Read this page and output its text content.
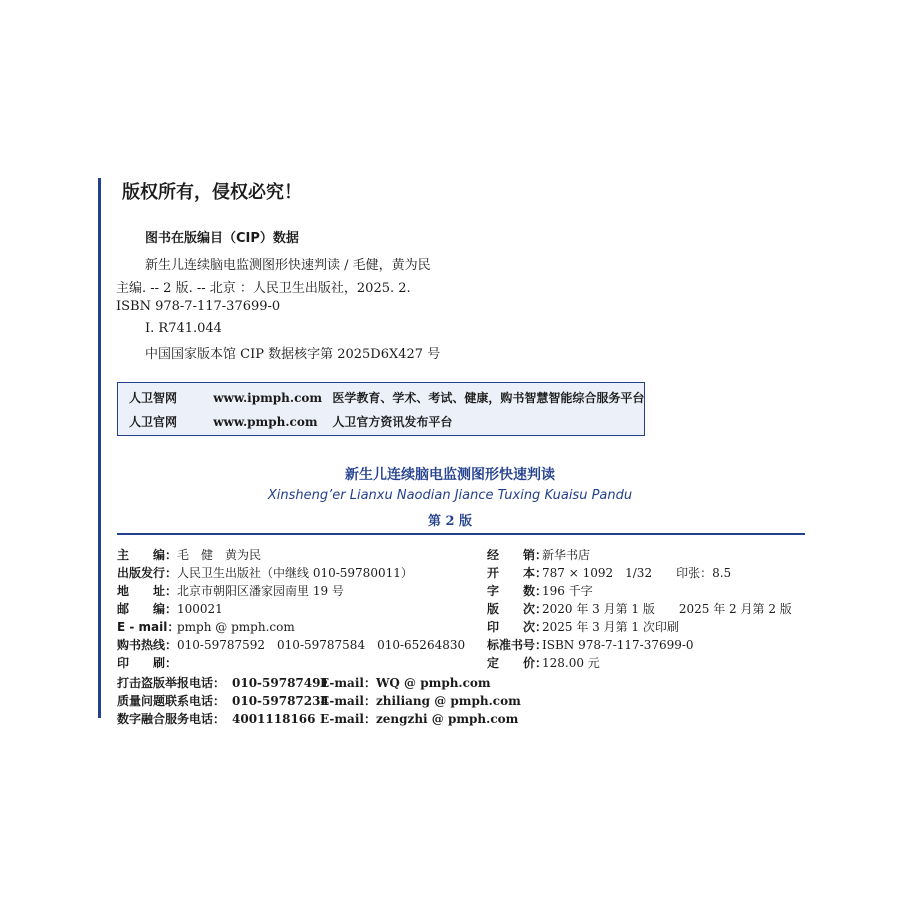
版权所有，侵权必究！
图书在版编目（CIP）数据
新生儿连续脑电监测图形快速判读 / 毛健，黄为民
主编. -- 2 版. -- 北京 ：人民卫生出版社，2025. 2.
ISBN 978-7-117-37699-0
Ⅰ. R741.044
中国国家版本馆 CIP 数据核字第 2025D6X427 号
人卫智网	www.ipmph.com 医学教育、学术、考试、健康，购书智慧智能综合服务平台
人卫官网	www.pmph.com 人卫官方资讯发布平台
新生儿连续脑电监测图形快速判读
Xinsheng’er Lianxu Naodian Jiance Tuxing Kuaisu Pandu
第 2 版
主　　编：毛　健　黄为民
出版发行：人民卫生出版社（中继线 010-59780011）
地　　址：北京市朝阳区潘家园南里 19 号
邮　　编：100021
E - mail：pmph @ pmph.com
购书热线：010-59787592　010-59787584　010-65264830
印　　刷：
经　　销：新华书店
开　　本：787 × 1092　1/32　　印张：8.5
字　　数：196 千字
版　　次：2020 年 3 月第 1 版　　2025 年 2 月第 2 版
印　　次：2025 年 3 月第 1 次印刷
标准书号：ISBN 978-7-117-37699-0
定　　价：128.00 元
打击盗版举报电话： 010-59787491E-mail：WQ @ pmph.com
质量问题联系电话： 010-59787234E-mail：zhiliang @ pmph.com
数字融合服务电话： 4001118166 E-mail：zengzhi @ pmph.com
